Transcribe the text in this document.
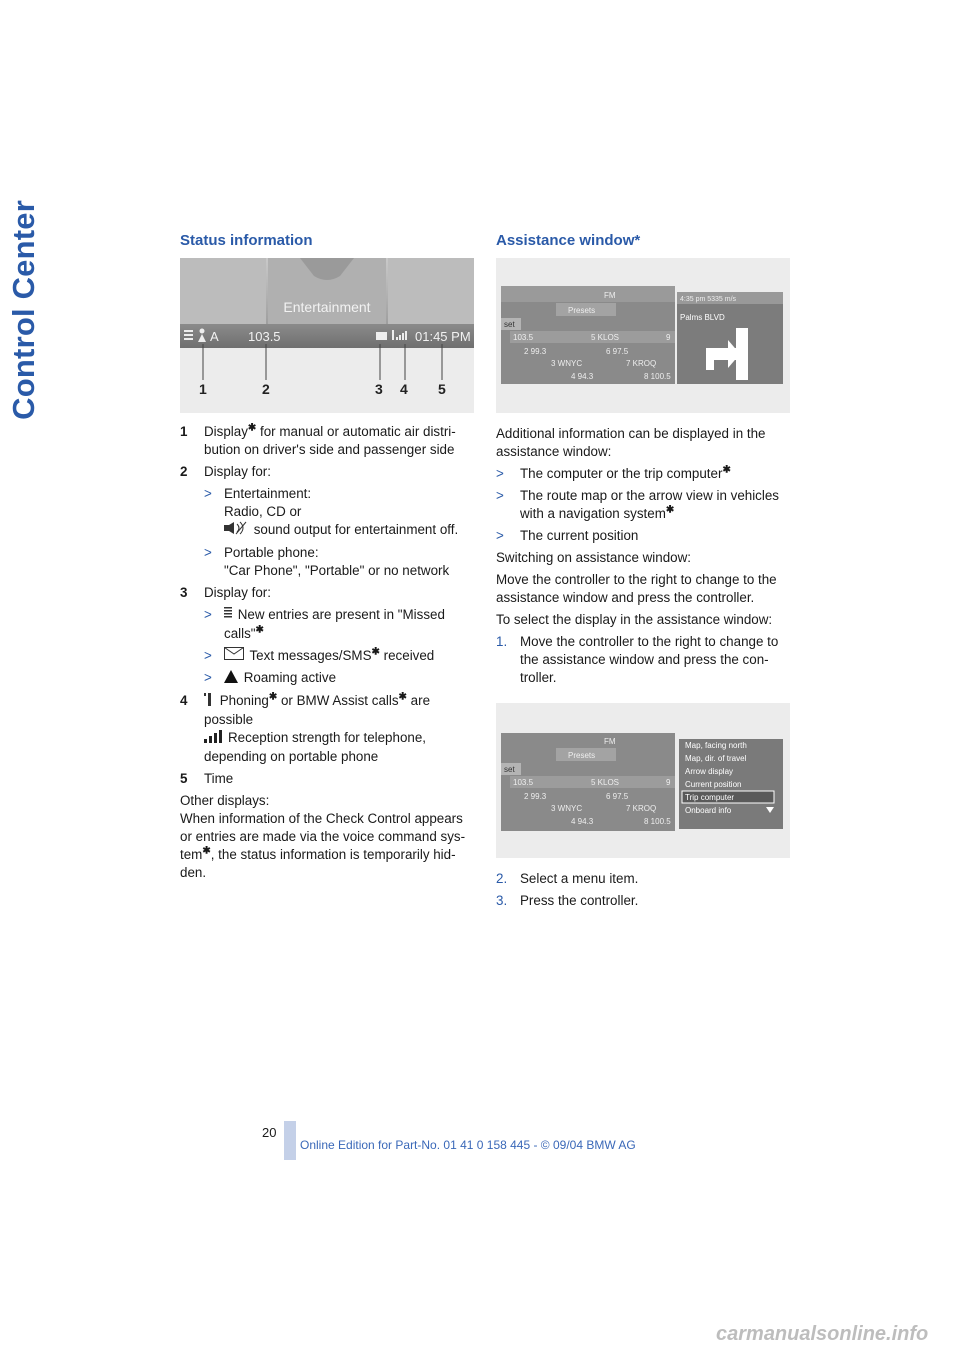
Control Center	Status information
Entertainment
A 103.5	01:45 PM
1	2	3 4 5
1 Display✱ for manual or automatic air distri-bution on driver's side and passenger side
2 Display for:
> Entertainment:
Radio, CD or
sound output for entertainment off.
> Portable phone:
"Car Phone", "Portable" or no network
3 Display for:
> New entries are present in "Missed calls"✱
>	Text messages/SMS✱ received
> Roaming active
4 Phoning✱ or BMW Assist calls✱ are possible
Reception strength for telephone, depending on portable phone
5 Time

Other displays:

When information of the Check Control appears or entries are made via the voice command sys-tem✱, the status information is temporarily hid-den.

Assistance window*
FM
Presets
set
103.5	5 KLOS	9
2 99.3	6 97.5
3 WNYC	7 KROQ
4 94.3	8 100.5
4:35 pm 5335 m/s
Palms BLVD

Additional information can be displayed in the assistance window:

> The computer or the trip computer✱
> The route map or the arrow view in vehicles with a navigation system✱
> The current position

Switching on assistance window:

Move the controller to the right to change to the assistance window and press the controller.

To select the display in the assistance window:

1. Move the controller to the right to change to the assistance window and press the con-troller.
FM
Presets
set
103.5	5 KLOS	9
2 99.3	6 97.5
3 WNYC	7 KROQ
4 94.3	8 100.5
Map, facing north
Map, dir. of travel
Arrow display
Current position
Trip computer
Onboard info
2. Select a menu item.
3. Press the controller.
20
Online Edition for Part-No. 01 41 0 158 445 - © 09/04 BMW AG
carmanualsonline.info
